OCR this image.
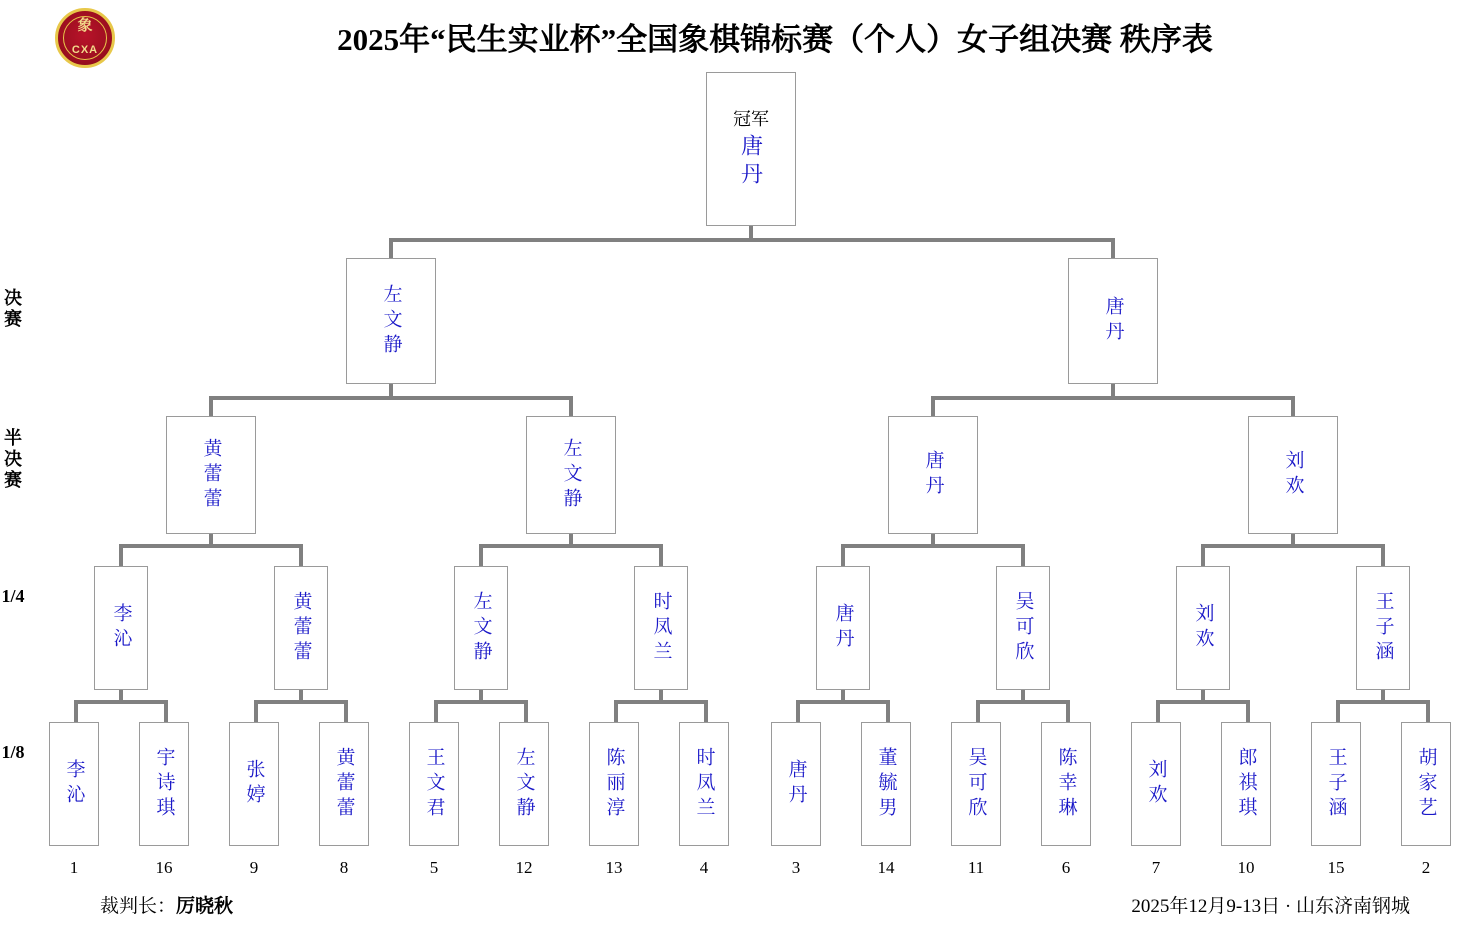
象
CXA	2025年“民生实业杯”全国象棋锦标赛（个人）女子组决赛 秩序表
决赛
半决赛
1/4
1/8
冠军
唐丹
左文静	唐丹
黄蕾蕾	左文静	唐丹	刘欢
李沁	黄蕾蕾	左文静	时凤兰	唐丹	吴可欣	刘欢	王子涵
李沁	宇诗琪	张婷	黄蕾蕾	王文君	左文静	陈丽淳	时凤兰	唐丹	董毓男	吴可欣	陈幸琳	刘欢	郎祺琪	王子涵	胡家艺
1	16	9	8	5	12	13	4	3	14	11	6	7	10	15	2
裁判长：厉晓秋	2025年12月9-13日 · 山东济南钢城
